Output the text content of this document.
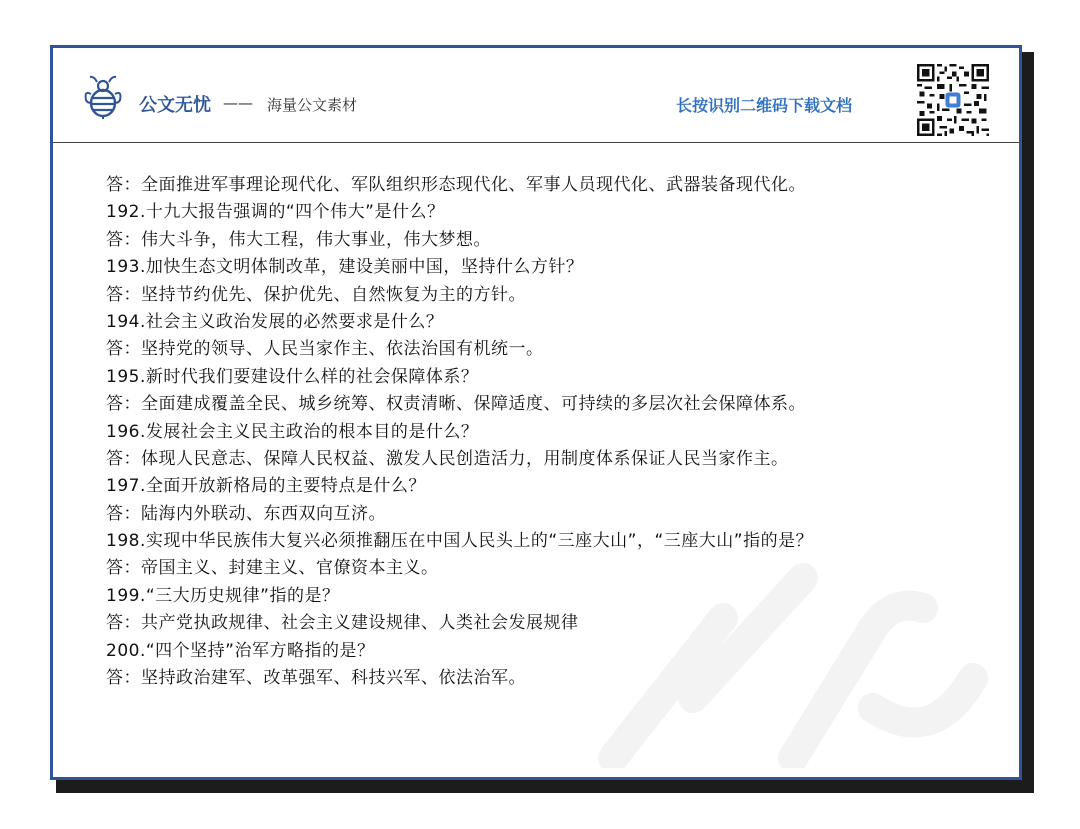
公文无忧 —— 海量公文素材	长按识别二维码下载文档
答：全面推进军事理论现代化、军队组织形态现代化、军事人员现代化、武器装备现代化。
192.十九大报告强调的“四个伟大”是什么？
答：伟大斗争，伟大工程，伟大事业，伟大梦想。
193.加快生态文明体制改革，建设美丽中国，坚持什么方针？
答：坚持节约优先、保护优先、自然恢复为主的方针。
194.社会主义政治发展的必然要求是什么？
答：坚持党的领导、人民当家作主、依法治国有机统一。
195.新时代我们要建设什么样的社会保障体系？
答：全面建成覆盖全民、城乡统筹、权责清晰、保障适度、可持续的多层次社会保障体系。
196.发展社会主义民主政治的根本目的是什么？
答：体现人民意志、保障人民权益、激发人民创造活力，用制度体系保证人民当家作主。
197.全面开放新格局的主要特点是什么？
答：陆海内外联动、东西双向互济。
198.实现中华民族伟大复兴必须推翻压在中国人民头上的“三座大山”，“三座大山”指的是？
答：帝国主义、封建主义、官僚资本主义。
199.“三大历史规律”指的是？
答：共产党执政规律、社会主义建设规律、人类社会发展规律
200.“四个坚持”治军方略指的是？
答：坚持政治建军、改革强军、科技兴军、依法治军。
